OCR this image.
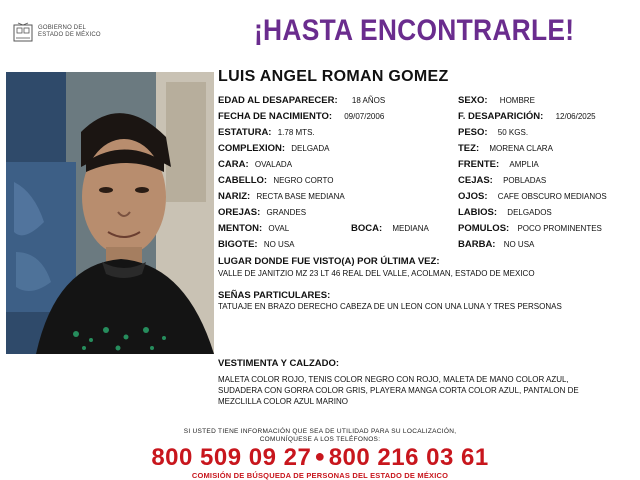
GOBIERNO DEL
ESTADO DE MÉXICO	¡HASTA ENCONTRARLE!
LUIS ANGEL ROMAN GOMEZ
EDAD AL DESAPARECER: 18 AÑOS
FECHA DE NACIMIENTO: 09/07/2006
ESTATURA: 1.78 MTS.
COMPLEXION: DELGADA
CARA: OVALADA
CABELLO: NEGRO CORTO
NARIZ: RECTA BASE MEDIANA
OREJAS: GRANDES
MENTON: OVAL	BOCA: MEDIANA
BIGOTE: NO USA
SEXO: HOMBRE
F. DESAPARICIÓN: 12/06/2025
PESO: 50 KGS.
TEZ: MORENA CLARA
FRENTE: AMPLIA
CEJAS: POBLADAS
OJOS: CAFE OBSCURO MEDIANOS
LABIOS: DELGADOS
POMULOS: POCO PROMINENTES
BARBA: NO USA
LUGAR DONDE FUE VISTO(A) POR ÚLTIMA VEZ:
VALLE DE JANITZIO MZ 23 LT 46 REAL DEL VALLE, ACOLMAN, ESTADO DE MEXICO
SEÑAS PARTICULARES:
TATUAJE EN BRAZO DERECHO CABEZA DE UN LEON CON UNA LUNA Y TRES PERSONAS
VESTIMENTA Y CALZADO:
MALETA COLOR ROJO, TENIS COLOR NEGRO CON ROJO, MALETA DE MANO COLOR AZUL, SUDADERA CON GORRA COLOR GRIS, PLAYERA MANGA CORTA COLOR AZUL, PANTALON DE MEZCLILLA COLOR AZUL MARINO
SI USTED TIENE INFORMACIÓN QUE SEA DE UTILIDAD PARA SU LOCALIZACIÓN,
COMUNÍQUESE A LOS TELÉFONOS:
800 509 09 27 ● 800 216 03 61
COMISIÓN DE BÚSQUEDA DE PERSONAS DEL ESTADO DE MÉXICO
